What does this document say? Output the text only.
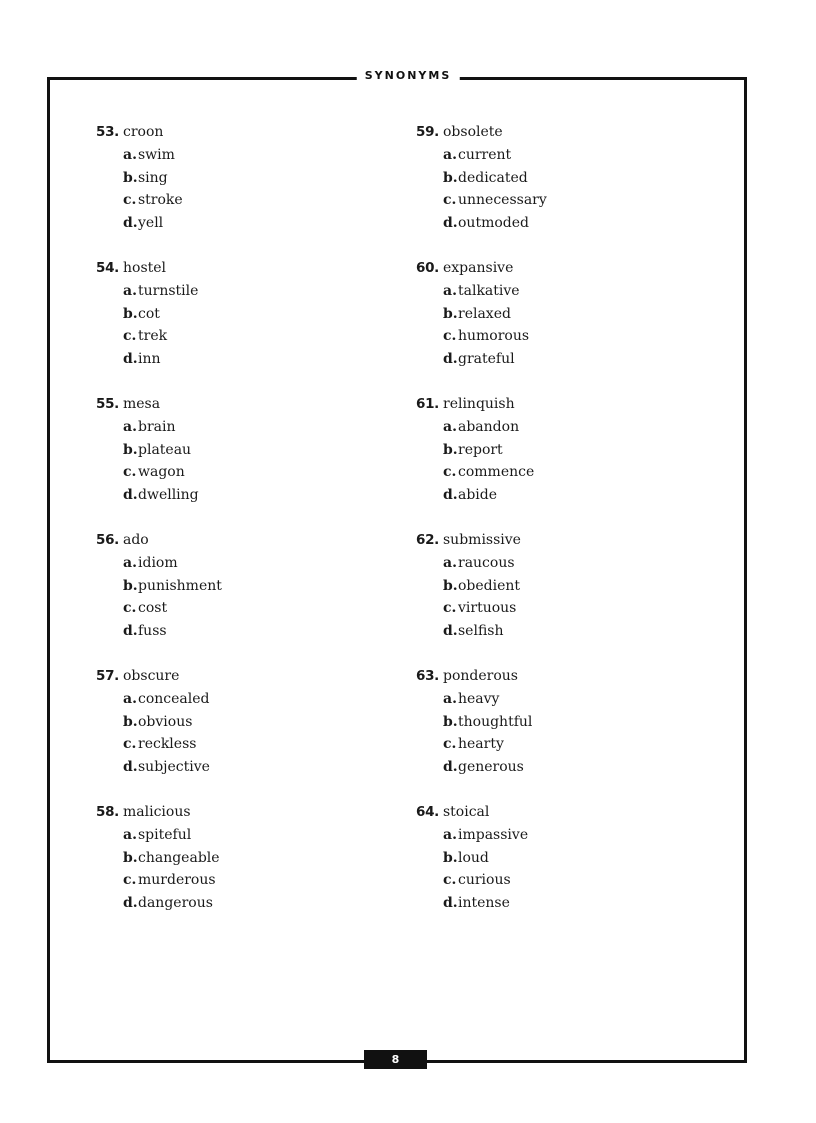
SYNONYMS
53. croon
a. swim
b. sing
c. stroke
d. yell
54. hostel
a. turnstile
b. cot
c. trek
d. inn
55. mesa
a. brain
b. plateau
c. wagon
d. dwelling
56. ado
a. idiom
b. punishment
c. cost
d. fuss
57. obscure
a. concealed
b. obvious
c. reckless
d. subjective
58. malicious
a. spiteful
b. changeable
c. murderous
d. dangerous
59. obsolete
a. current
b. dedicated
c. unnecessary
d. outmoded
60. expansive
a. talkative
b. relaxed
c. humorous
d. grateful
61. relinquish
a. abandon
b. report
c. commence
d. abide
62. submissive
a. raucous
b. obedient
c. virtuous
d. selfish
63. ponderous
a. heavy
b. thoughtful
c. hearty
d. generous
64. stoical
a. impassive
b. loud
c. curious
d. intense
8
